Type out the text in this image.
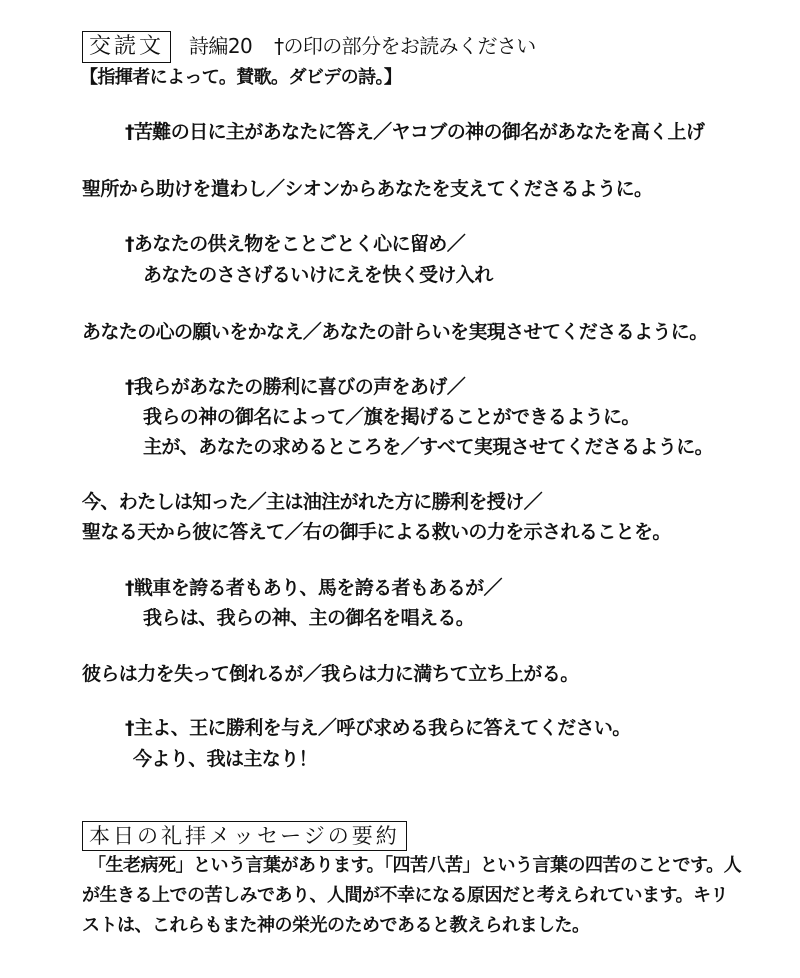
交読文 詩編20 †の印の部分をお読みください
【指揮者によって。賛歌。ダビデの詩。】
†苦難の日に主があなたに答え／ヤコブの神の御名があなたを高く上げ
聖所から助けを遣わし／シオンからあなたを支えてくださるように。
†あなたの供え物をことごとく心に留め／
あなたのささげるいけにえを快く受け入れ
あなたの心の願いをかなえ／あなたの計らいを実現させてくださるように。
†我らがあなたの勝利に喜びの声をあげ／
我らの神の御名によって／旗を掲げることができるように。
主が、あなたの求めるところを／すべて実現させてくださるように。
今、わたしは知った／主は油注がれた方に勝利を授け／
聖なる天から彼に答えて／右の御手による救いの力を示されることを。
†戦車を誇る者もあり、馬を誇る者もあるが／
我らは、我らの神、主の御名を唱える。
彼らは力を失って倒れるが／我らは力に満ちて立ち上がる。
†主よ、王に勝利を与え／呼び求める我らに答えてください。
今より、我は主なり！
本日の礼拝メッセージの要約
「生老病死」という言葉があります。「四苦八苦」という言葉の四苦のことです。人
が生きる上での苦しみであり、人間が不幸になる原因だと考えられています。キリ
ストは、これらもまた神の栄光のためであると教えられました。
